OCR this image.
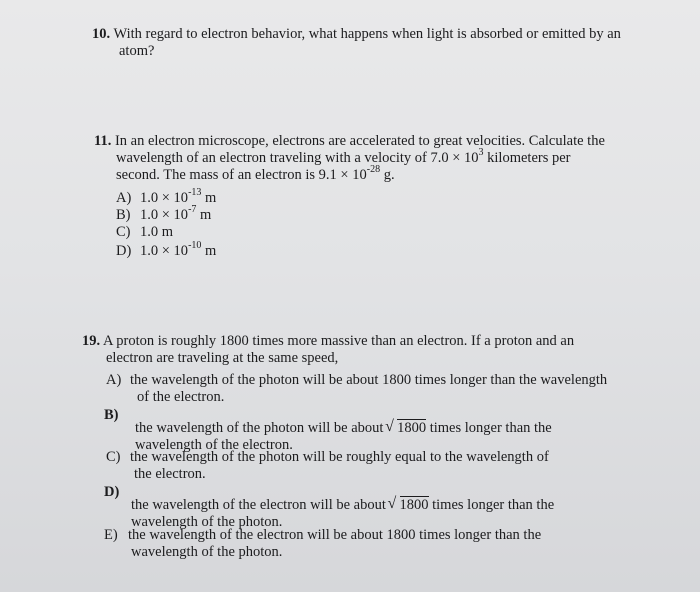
10. With regard to electron behavior, what happens when light is absorbed or emitted by an
atom?
11. In an electron microscope, electrons are accelerated to great velocities. Calculate the
wavelength of an electron traveling with a velocity of $7.0 \times 10^3$ kilometers per
second. The mass of an electron is $9.1 \times 10^{-28}$ g.
A) $1.0 \times 10^{-13}$ m
B) $1.0 \times 10^{-7}$ m
C) 1.0 m
D) $1.0 \times 10^{-10}$ m
19. A proton is roughly 1800 times more massive than an electron. If a proton and an
electron are traveling at the same speed,
A) the wavelength of the photon will be about 1800 times longer than the wavelength
of the electron.
B)
the wavelength of the photon will be about √ 1800 times longer than the
wavelength of the electron.
C) the wavelength of the photon will be roughly equal to the wavelength of
the electron.
D)
the wavelength of the electron will be about √ 1800 times longer than the
wavelength of the photon.
E) the wavelength of the electron will be about 1800 times longer than the
wavelength of the photon.
